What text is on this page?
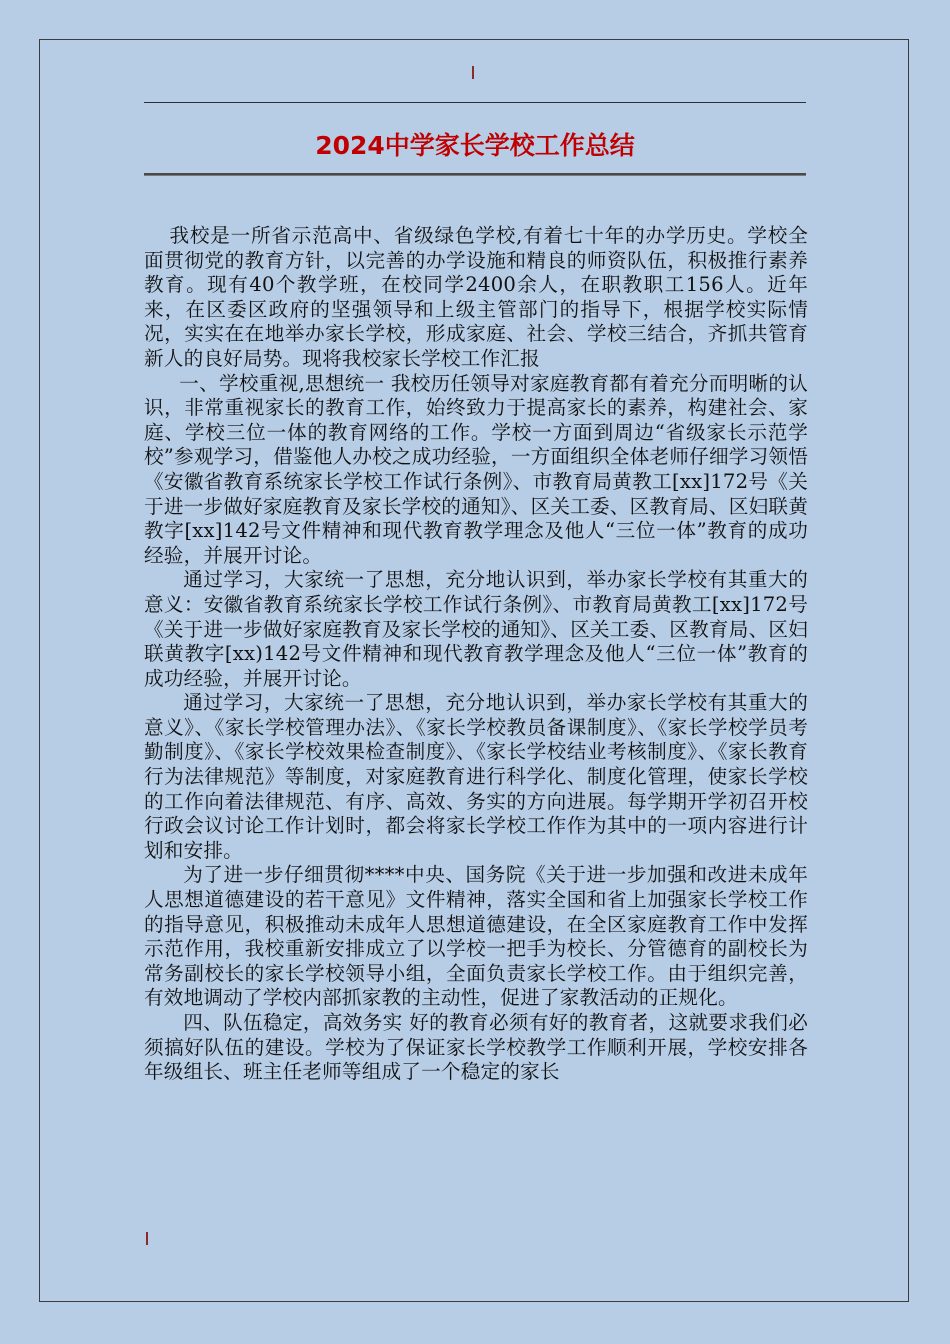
2024中学家长学校工作总结

我校是一所省示范高中、省级绿色学校,有着七十年的办学历史。学校全面贯彻党的教育方针，以完善的办学设施和精良的师资队伍，积极推行素养教育。现有40个教学班，在校同学2400余人，在职教职工156人。近年来，在区委区政府的坚强领导和上级主管部门的指导下，根据学校实际情况，实实在在地举办家长学校，形成家庭、社会、学校三结合，齐抓共管育新人的良好局势。现将我校家长学校工作汇报

一、学校重视,思想统一 我校历任领导对家庭教育都有着充分而明晰的认识，非常重视家长的教育工作，始终致力于提高家长的素养，构建社会、家庭、学校三位一体的教育网络的工作。学校一方面到周边“省级家长示范学校”参观学习，借鉴他人办校之成功经验，一方面组织全体老师仔细学习领悟《安徽省教育系统家长学校工作试行条例》、市教育局黄教工[xx]172号《关于进一步做好家庭教育及家长学校的通知》、区关工委、区教育局、区妇联黄教字[xx]142号文件精神和现代教育教学理念及他人“三位一体”教育的成功经验，并展开讨论。

通过学习，大家统一了思想，充分地认识到，举办家长学校有其重大的意义：安徽省教育系统家长学校工作试行条例》、市教育局黄教工[xx]172号《关于进一步做好家庭教育及家长学校的通知》、区关工委、区教育局、区妇联黄教字[xx)142号文件精神和现代教育教学理念及他人“三位一体”教育的成功经验，并展开讨论。

通过学习，大家统一了思想，充分地认识到，举办家长学校有其重大的意义》、《家长学校管理办法》、《家长学校教员备课制度》、《家长学校学员考勤制度》、《家长学校效果检查制度》、《家长学校结业考核制度》、《家长教育行为法律规范》等制度，对家庭教育进行科学化、制度化管理，使家长学校的工作向着法律规范、有序、高效、务实的方向进展。每学期开学初召开校行政会议讨论工作计划时，都会将家长学校工作作为其中的一项内容进行计划和安排。

为了进一步仔细贯彻****中央、国务院《关于进一步加强和改进未成年人思想道德建设的若干意见》文件精神，落实全国和省上加强家长学校工作的指导意见，积极推动未成年人思想道德建设，在全区家庭教育工作中发挥示范作用，我校重新安排成立了以学校一把手为校长、分管德育的副校长为常务副校长的家长学校领导小组，全面负责家长学校工作。由于组织完善，有效地调动了学校内部抓家教的主动性，促进了家教活动的正规化。

四、队伍稳定，高效务实 好的教育必须有好的教育者，这就要求我们必须搞好队伍的建设。学校为了保证家长学校教学工作顺利开展，学校安排各年级组长、班主任老师等组成了一个稳定的家长
